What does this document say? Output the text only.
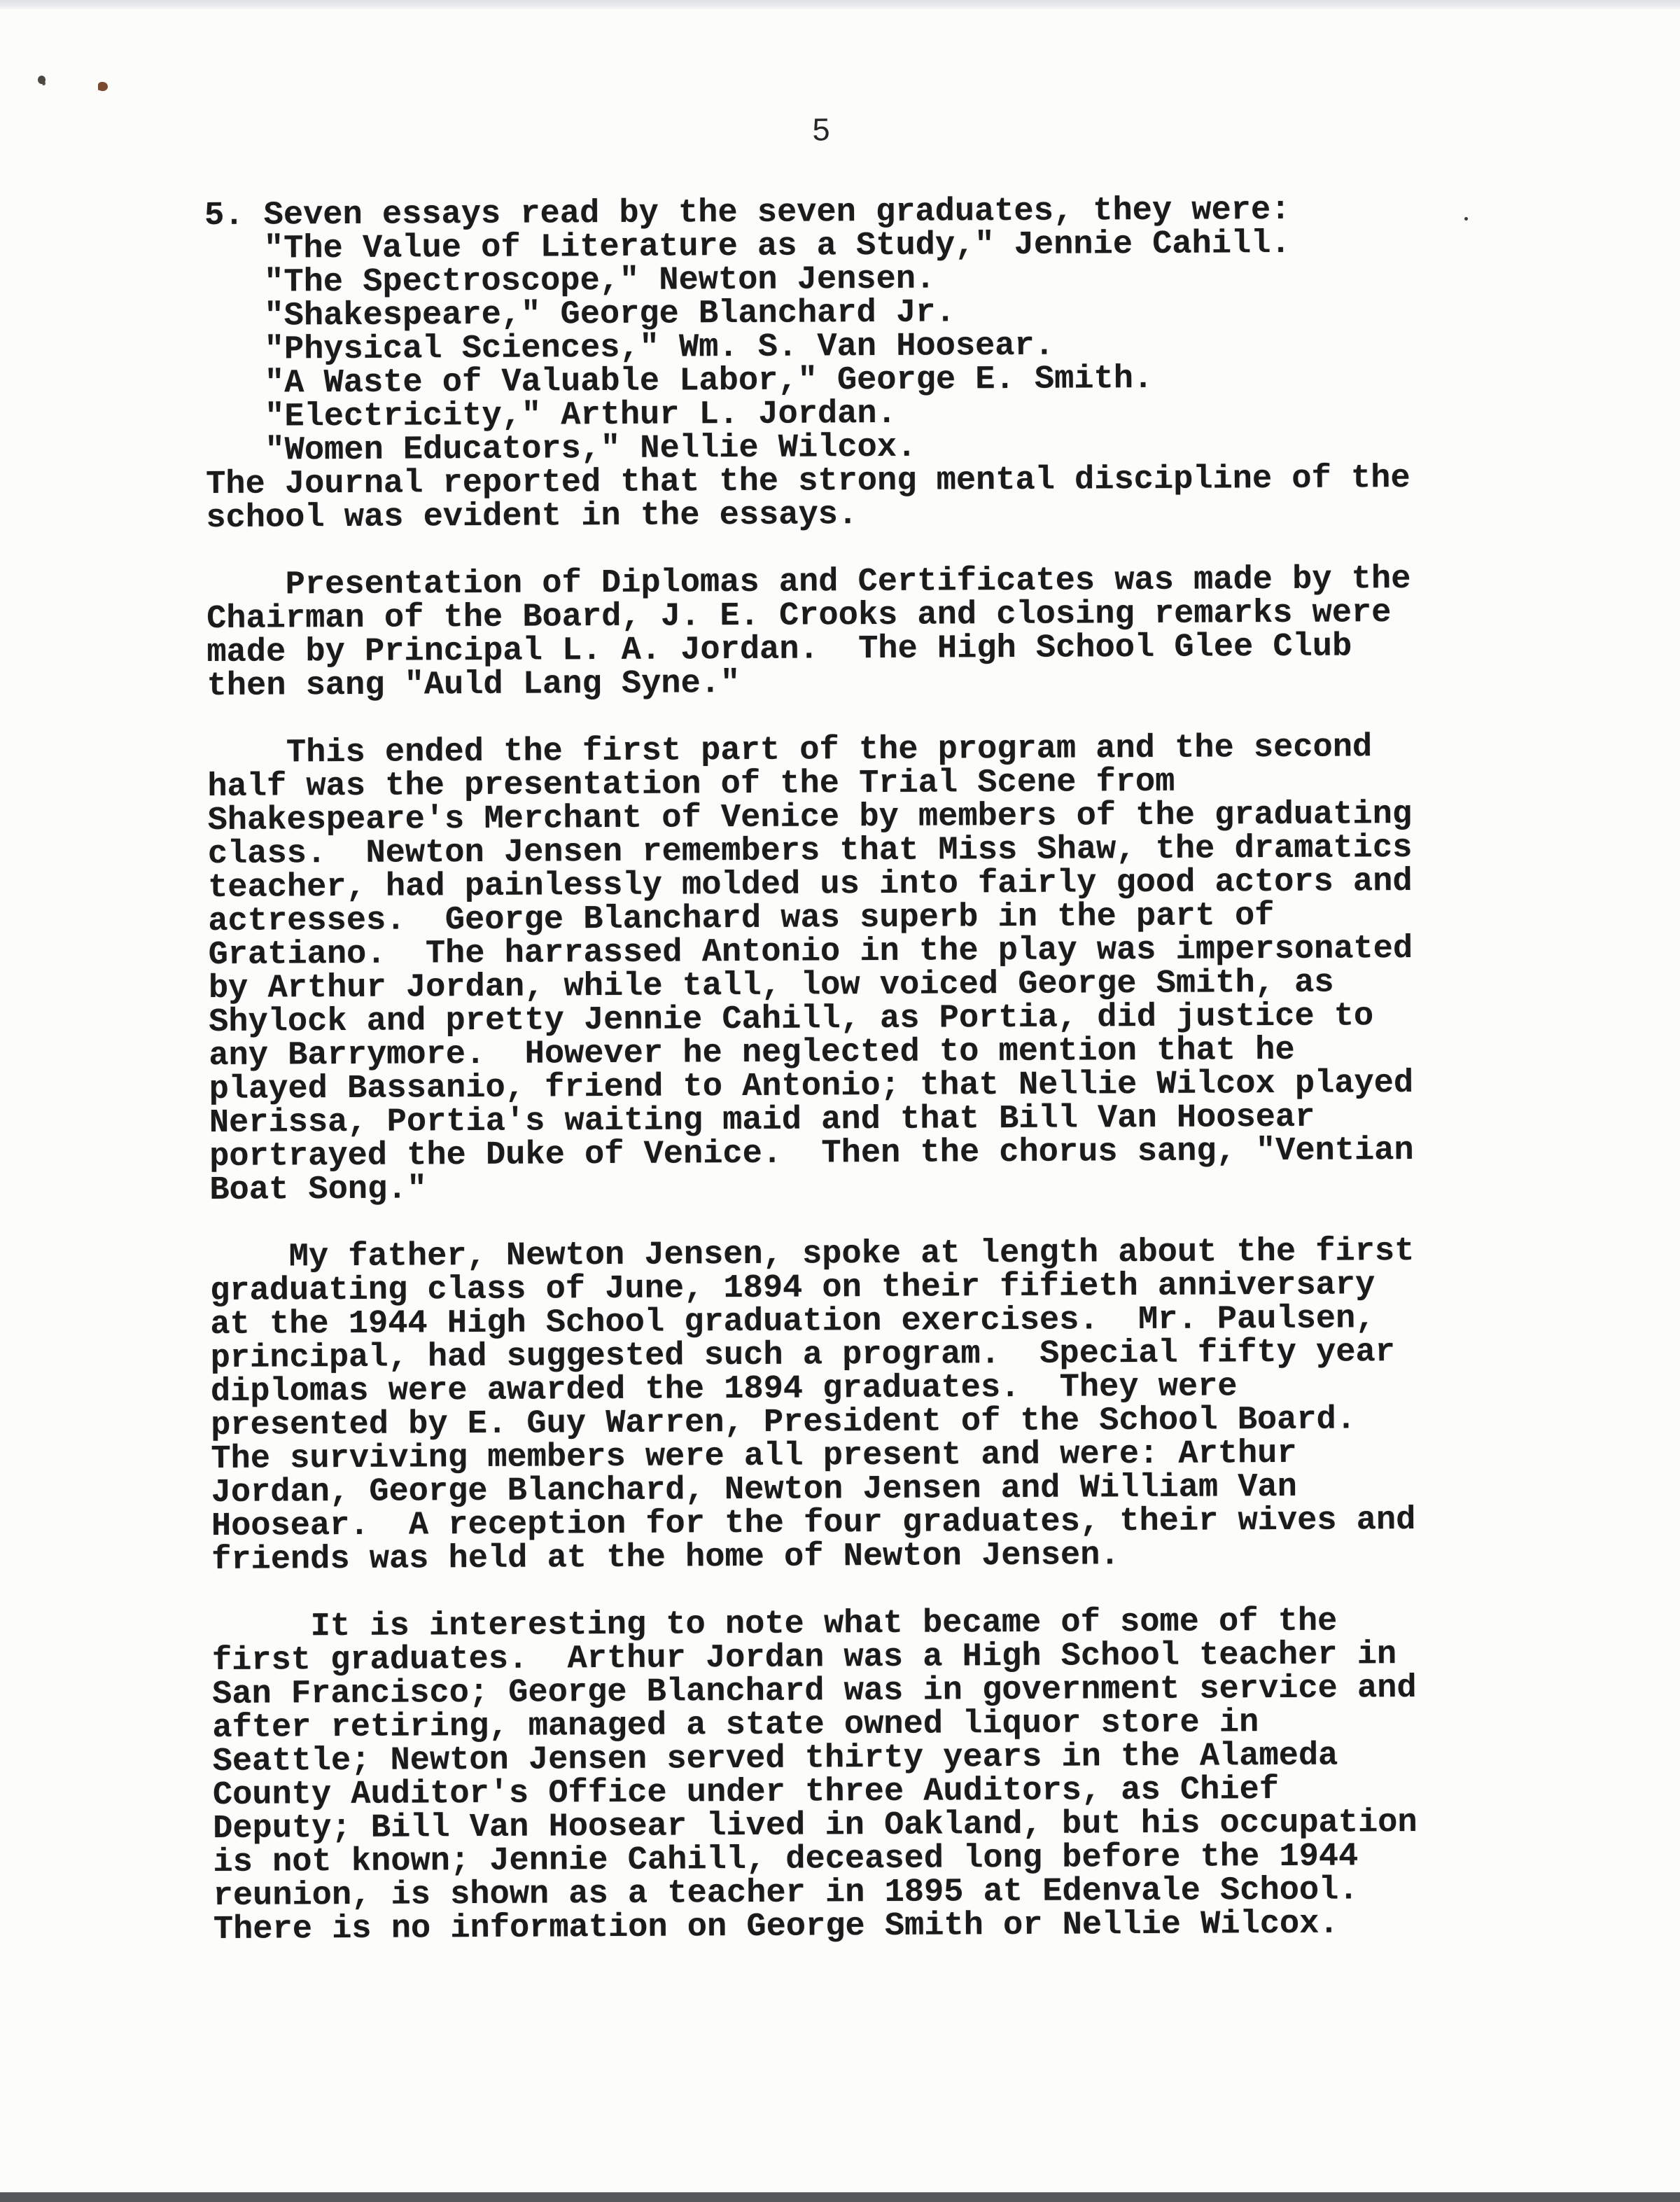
5
5. Seven essays read by the seven graduates, they were:
"The Value of Literature as a Study," Jennie Cahill.
"The Spectroscope," Newton Jensen.
"Shakespeare," George Blanchard Jr.
"Physical Sciences," Wm. S. Van Hoosear.
"A Waste of Valuable Labor," George E. Smith.
"Electricity," Arthur L. Jordan.
"Women Educators," Nellie Wilcox.
The Journal reported that the strong mental discipline of the
school was evident in the essays.
Presentation of Diplomas and Certificates was made by the
Chairman of the Board, J. E. Crooks and closing remarks were
made by Principal L. A. Jordan.  The High School Glee Club
then sang "Auld Lang Syne."
This ended the first part of the program and the second
half was the presentation of the Trial Scene from
Shakespeare's Merchant of Venice by members of the graduating
class.  Newton Jensen remembers that Miss Shaw, the dramatics
teacher, had painlessly molded us into fairly good actors and
actresses.  George Blanchard was superb in the part of
Gratiano.  The harrassed Antonio in the play was impersonated
by Arthur Jordan, while tall, low voiced George Smith, as
Shylock and pretty Jennie Cahill, as Portia, did justice to
any Barrymore.  However he neglected to mention that he
played Bassanio, friend to Antonio; that Nellie Wilcox played
Nerissa, Portia's waiting maid and that Bill Van Hoosear
portrayed the Duke of Venice.  Then the chorus sang, "Ventian
Boat Song."
My father, Newton Jensen, spoke at length about the first
graduating class of June, 1894 on their fifieth anniversary
at the 1944 High School graduation exercises.  Mr. Paulsen,
principal, had suggested such a program.  Special fifty year
diplomas were awarded the 1894 graduates.  They were
presented by E. Guy Warren, President of the School Board.
The surviving members were all present and were: Arthur
Jordan, George Blanchard, Newton Jensen and William Van
Hoosear.  A reception for the four graduates, their wives and
friends was held at the home of Newton Jensen.
It is interesting to note what became of some of the
first graduates.  Arthur Jordan was a High School teacher in
San Francisco; George Blanchard was in government service and
after retiring, managed a state owned liquor store in
Seattle; Newton Jensen served thirty years in the Alameda
County Auditor's Office under three Auditors, as Chief
Deputy; Bill Van Hoosear lived in Oakland, but his occupation
is not known; Jennie Cahill, deceased long before the 1944
reunion, is shown as a teacher in 1895 at Edenvale School.
There is no information on George Smith or Nellie Wilcox.
